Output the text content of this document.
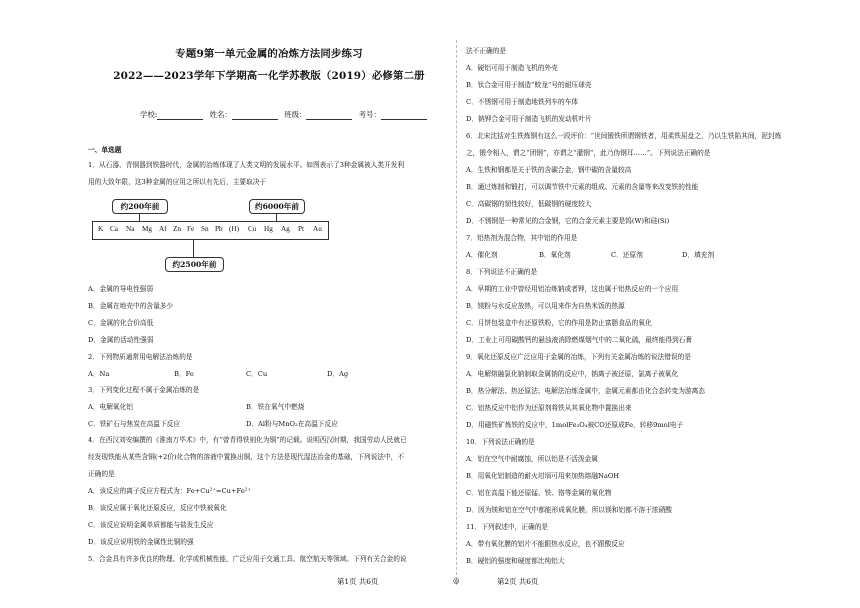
专题9第一单元金属的冶炼方法同步练习
2022——2023学年下学期高一化学苏教版（2019）必修第二册
学校:	姓名：	班级：	考号：
一、单选题
1．从石器、青铜器到铁器时代，金属的冶炼体现了人类文明的发展水平。如图表示了3种金属被人类开发利
用的大致年限，这3种金属的应用之所以有先后，主要取决于
约200年前	约6000年前
K Ca Na Mg Al Zn Fe Sn Pb (H) Cu Hg Ag Pt Au
约2500年前
A．金属的导电性强弱
B．金属在地壳中的含量多少
C．金属的化合价高低
D．金属的活动性强弱
2．下列物质通常用电解法冶炼的是
A．Na	B．Fe	C．Cu	D．Ag
3．下列变化过程不属于金属冶炼的是
A．电解氧化铝	B．铁在氧气中燃烧
C．铁矿石与焦炭在高温下反应	D．Al粉与MnO₂在高温下反应
4．在西汉刘安编撰的《淮南万毕术》中，有“曾青得铁则化为铜”的记载。说明西汉时期，我国劳动人民就已
经发现铁能从某些含铜(+2价)化合物的溶液中置换出铜，这个方法是现代湿法冶金的基础，下列说法中，不
正确的是
A．该反应的离子反应方程式为：Fe+Cu²⁺=Cu+Fe²⁺
B．该反应属于氧化还原反应，反应中铁被氧化
C．该反应说明金属单质都能与盐发生反应
D．该反应说明铁的金属性比铜的强
5．合金具有许多优良的物理、化学或机械性能，广泛应用于交通工具、航空航天等领域。下列有关合金的说
法不正确的是
A．硬铝可用于制造飞机的外壳
B．钛合金可用于制造“蛟龙”号的耐压球壳
C．不锈钢可用于制造地铁列车的车体
D．钠钾合金可用于制造飞机的发动机叶片
6．北宋沈括对生铁炼钢有这么一段评价：“世间锻铁所谓钢铁者，用柔铁屈盘之，乃以生铁陷其间，泥封炼
之，锻令相入，谓之“团钢”，亦谓之“灌钢”，此乃伪钢耳……”。下列说法正确的是
A．生铁和钢都是关于铁的含碳合金，钢中碳的含量较高
B．通过炼制和锻打，可以调节铁中元素的组成、元素的含量等来改变铁的性能
C．高碳钢的韧性较好，低碳钢的硬度较大
D．不锈钢是一种常见的合金钢，它的合金元素主要是钨(W)和硅(Si)
7．铝热剂为混合物，其中铝的作用是
A．催化剂	B．氧化剂	C．还原剂	D．填充剂
8．下列说法不正确的是
A．早期的工业中曾经用铝冶炼钠或者钾，这也属于铝热反应的一个应用
B．镁粉与水反应放热，可以用来作为自热米饭的热源
C．月饼包装盒中有还原铁粉，它的作用是防止富脂食品的氧化
D．工业上可用碳酸钙的悬浊液消除燃煤烟气中的二氧化硫，最终能得到石膏
9．氧化还原反应广泛应用于金属的冶炼，下列有关金属冶炼的说法错误的是
A．电解熔融氯化钠制取金属钠的反应中，钠离子被还原，氯离子被氧化
B．热分解法、热还原法、电解法冶炼金属中，金属元素都由化合态转变为游离态
C．铝热反应中铝作为还原剂将铁从其氧化物中置换出来
D．用磁铁矿炼铁的反应中，1molFe₃O₄被CO还原成Fe，转移9mol电子
10．下列说法正确的是
A．铝在空气中耐腐蚀，所以铝是不活泼金属
B．用氧化铝制造的耐火坩埚可用来加热熔融NaOH
C．铝在高温下能还原锰、铁、铬等金属的氧化物
D．因为镁和铝在空气中都能形成氧化膜，所以镁和铝都不溶于浓硝酸
11．下列叙述中，正确的是
A．带有氧化膜的铝片不能跟热水反应，也不跟酸反应
B．硬铝的强度和硬度都比纯铝大
第1页 共6页	◎	第2页 共6页
